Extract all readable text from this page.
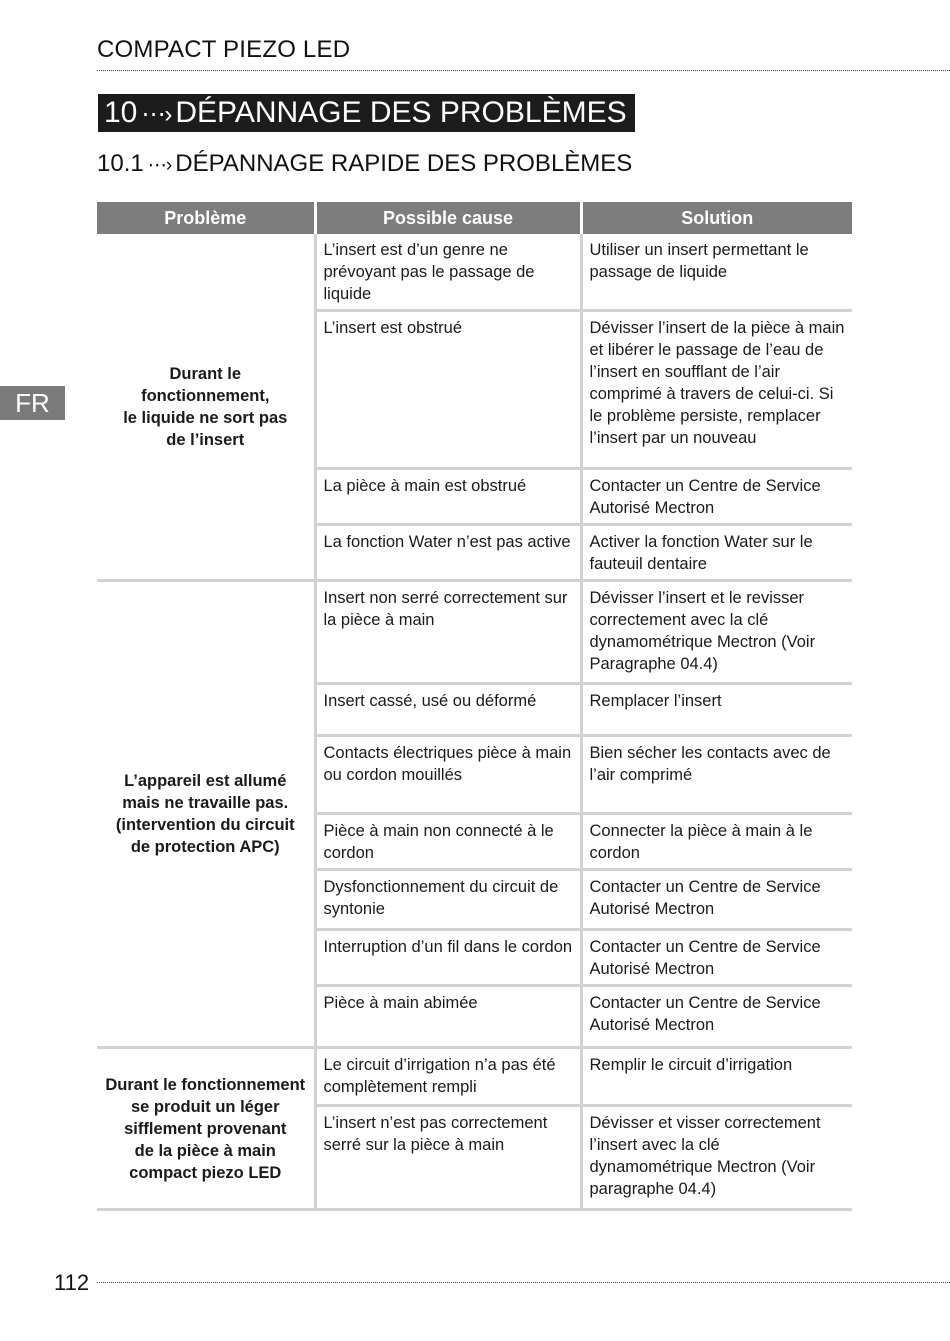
COMPACT PIEZO LED
10 ⋯› DÉPANNAGE DES PROBLÈMES
10.1 ⋯› DÉPANNAGE RAPIDE DES PROBLÈMES
FR
Problème	Possible cause	Solution
Durant le
fonctionnement,
le liquide ne sort pas
de l’insert	L’insert est d’un genre ne prévoyant pas le passage de liquide	Utiliser un insert permettant le passage de liquide
	L’insert est obstrué	Dévisser l’insert de la pièce à main et libérer le passage de l’eau de l’insert en soufflant de l’air comprimé à travers de celui-ci. Si le problème persiste, remplacer l’insert par un nouveau
	La pièce à main est obstrué	Contacter un Centre de Service Autorisé Mectron
	La fonction Water n’est pas active	Activer la fonction Water sur le fauteuil dentaire
L’appareil est allumé
mais ne travaille pas.
(intervention du circuit
de protection APC)	Insert non serré correctement sur la pièce à main	Dévisser l’insert et le revisser correctement avec la clé dynamométrique Mectron (Voir Paragraphe 04.4)
	Insert cassé, usé ou déformé	Remplacer l’insert
	Contacts électriques pièce à main ou cordon mouillés	Bien sécher les contacts avec de l’air comprimé
	Pièce à main non connecté à le cordon	Connecter la pièce à main à le cordon
	Dysfonctionnement du circuit de syntonie	Contacter un Centre de Service Autorisé Mectron
	Interruption d’un fil dans le cordon	Contacter un Centre de Service Autorisé Mectron
	Pièce à main abimée	Contacter un Centre de Service Autorisé Mectron
Durant le fonctionnement
se produit un léger
sifflement provenant
de la pièce à main
compact piezo LED	Le circuit d’irrigation n’a pas été complètement rempli	Remplir le circuit d’irrigation
	L’insert n’est pas correctement serré sur la pièce à main	Dévisser et visser correctement l’insert avec la clé dynamométrique Mectron (Voir paragraphe 04.4)
112
